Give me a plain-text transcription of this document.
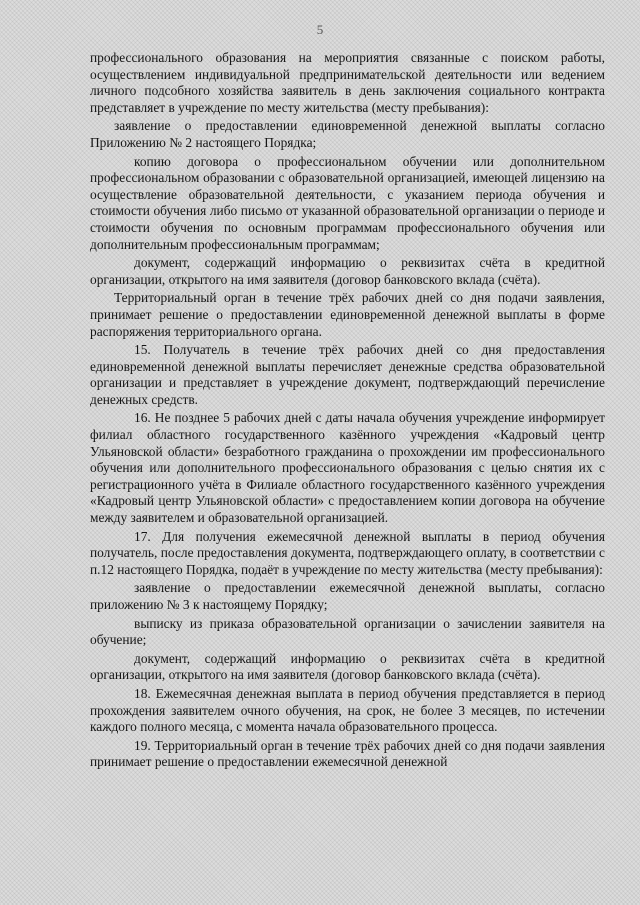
5

профессионального образования на мероприятия связанные с поиском работы, осуществлением индивидуальной предпринимательской деятельности или ведением личного подсобного хозяйства заявитель в день заключения социального контракта представляет в учреждение по месту жительства (месту пребывания):

заявление о предоставлении единовременной денежной выплаты согласно Приложению № 2 настоящего Порядка;

копию договора о профессиональном обучении или дополнительном профессиональном образовании с образовательной организацией, имеющей лицензию на осуществление образовательной деятельности, с указанием периода обучения и стоимости обучения либо письмо от указанной образовательной организации о периоде и стоимости обучения по основным программам профессионального обучения или дополнительным профессиональным программам;

документ, содержащий информацию о реквизитах счёта в кредитной организации, открытого на имя заявителя (договор банковского вклада (счёта).

Территориальный орган в течение трёх рабочих дней со дня подачи заявления, принимает решение о предоставлении единовременной денежной выплаты в форме распоряжения территориального органа.

15. Получатель в течение трёх рабочих дней со дня предоставления единовременной денежной выплаты перечисляет денежные средства образовательной организации и представляет в учреждение документ, подтверждающий перечисление денежных средств.

16. Не позднее 5 рабочих дней с даты начала обучения учреждение информирует филиал областного государственного казённого учреждения «Кадровый центр Ульяновской области» безработного гражданина о прохождении им профессионального обучения или дополнительного профессионального образования с целью снятия их с регистрационного учёта в Филиале областного государственного казённого учреждения «Кадровый центр Ульяновской области» с предоставлением копии договора на обучение между заявителем и образовательной организацией.

17. Для получения ежемесячной денежной выплаты в период обучения получатель, после предоставления документа, подтверждающего оплату, в соответствии с п.12 настоящего Порядка, подаёт в учреждение по месту жительства (месту пребывания):

заявление о предоставлении ежемесячной денежной выплаты, согласно приложению № 3 к настоящему Порядку;

выписку из приказа образовательной организации о зачислении заявителя на обучение;

документ, содержащий информацию о реквизитах счёта в кредитной организации, открытого на имя заявителя (договор банковского вклада (счёта).

18. Ежемесячная денежная выплата в период обучения представляется в период прохождения заявителем очного обучения, на срок, не более 3 месяцев, по истечении каждого полного месяца, с момента начала образовательного процесса.

19. Территориальный орган в течение трёх рабочих дней со дня подачи заявления принимает решение о предоставлении ежемесячной денежной
